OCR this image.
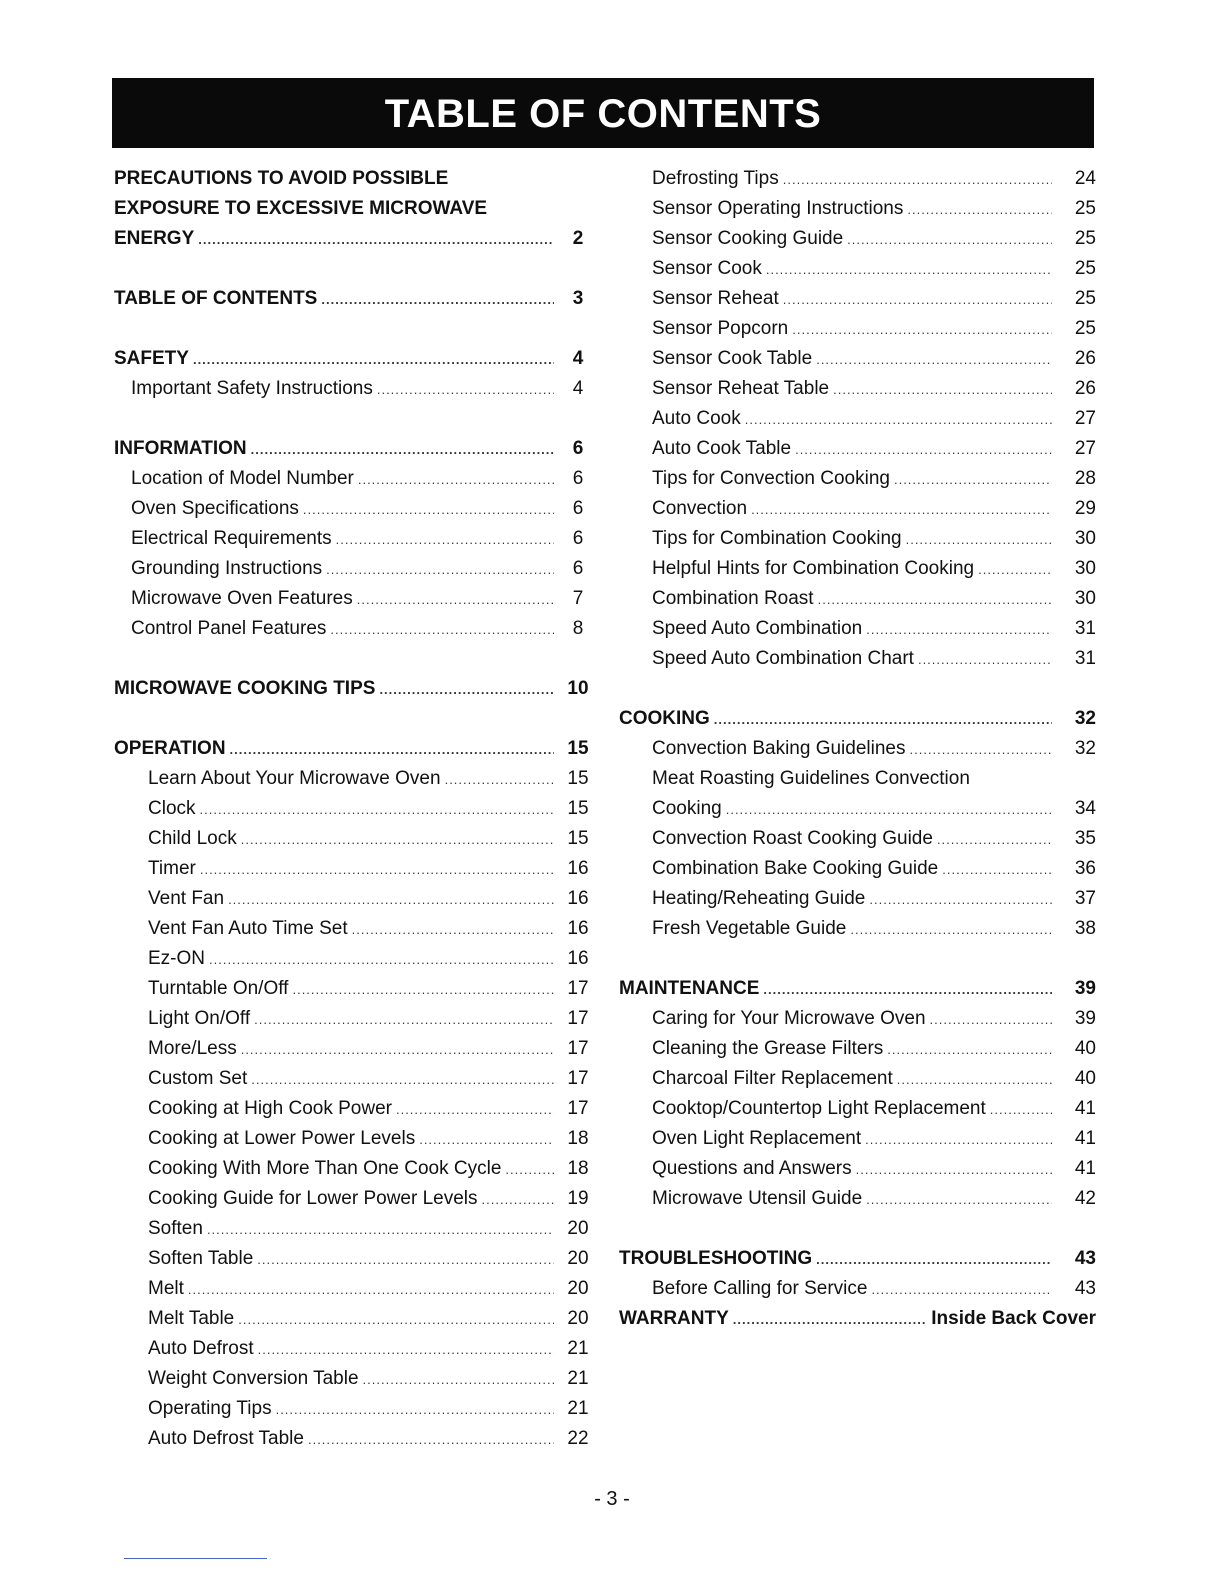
TABLE OF CONTENTS
PRECAUTIONS TO AVOID POSSIBLE
EXPOSURE TO EXCESSIVE MICROWAVE
ENERGY .....	2
TABLE OF CONTENTS .....	3
SAFETY .....	4
Important Safety Instructions .....	4
INFORMATION .....	6
Location of Model Number .....	6
Oven Specifications .....	6
Electrical Requirements .....	6
Grounding Instructions .....	6
Microwave Oven Features .....	7
Control Panel Features .....	8
MICROWAVE COOKING TIPS .....	10
OPERATION .....	15
Learn About Your Microwave Oven .....	15
Clock .....	15
Child Lock .....	15
Timer .....	16
Vent Fan .....	16
Vent Fan Auto Time Set .....	16
Ez-ON .....	16
Turntable On/Off .....	17
Light On/Off .....	17
More/Less .....	17
Custom Set .....	17
Cooking at High Cook Power .....	17
Cooking at Lower Power Levels .....	18
Cooking With More Than One Cook Cycle .....	18
Cooking Guide for Lower Power Levels .....	19
Soften .....	20
Soften Table .....	20
Melt .....	20
Melt Table .....	20
Auto Defrost .....	21
Weight Conversion Table .....	21
Operating Tips .....	21
Auto Defrost Table .....	22
Defrosting Tips .....	24
Sensor Operating Instructions .....	25
Sensor Cooking Guide .....	25
Sensor Cook .....	25
Sensor Reheat .....	25
Sensor Popcorn .....	25
Sensor Cook Table .....	26
Sensor Reheat Table .....	26
Auto Cook .....	27
Auto Cook Table .....	27
Tips for Convection Cooking .....	28
Convection .....	29
Tips for Combination Cooking .....	30
Helpful Hints for Combination Cooking .....	30
Combination Roast .....	30
Speed Auto Combination .....	31
Speed Auto Combination Chart .....	31
COOKING .....	32
Convection Baking Guidelines .....	32
Meat Roasting Guidelines Convection
Cooking .....	34
Convection Roast Cooking Guide .....	35
Combination Bake Cooking Guide .....	36
Heating/Reheating Guide .....	37
Fresh Vegetable Guide .....	38
MAINTENANCE .....	39
Caring for Your Microwave Oven .....	39
Cleaning the Grease Filters .....	40
Charcoal Filter Replacement .....	40
Cooktop/Countertop Light Replacement .....	41
Oven Light Replacement .....	41
Questions and Answers .....	41
Microwave Utensil Guide .....	42
TROUBLESHOOTING .....	43
Before Calling for Service .....	43
WARRANTY .....	Inside Back Cover
- 3 -
